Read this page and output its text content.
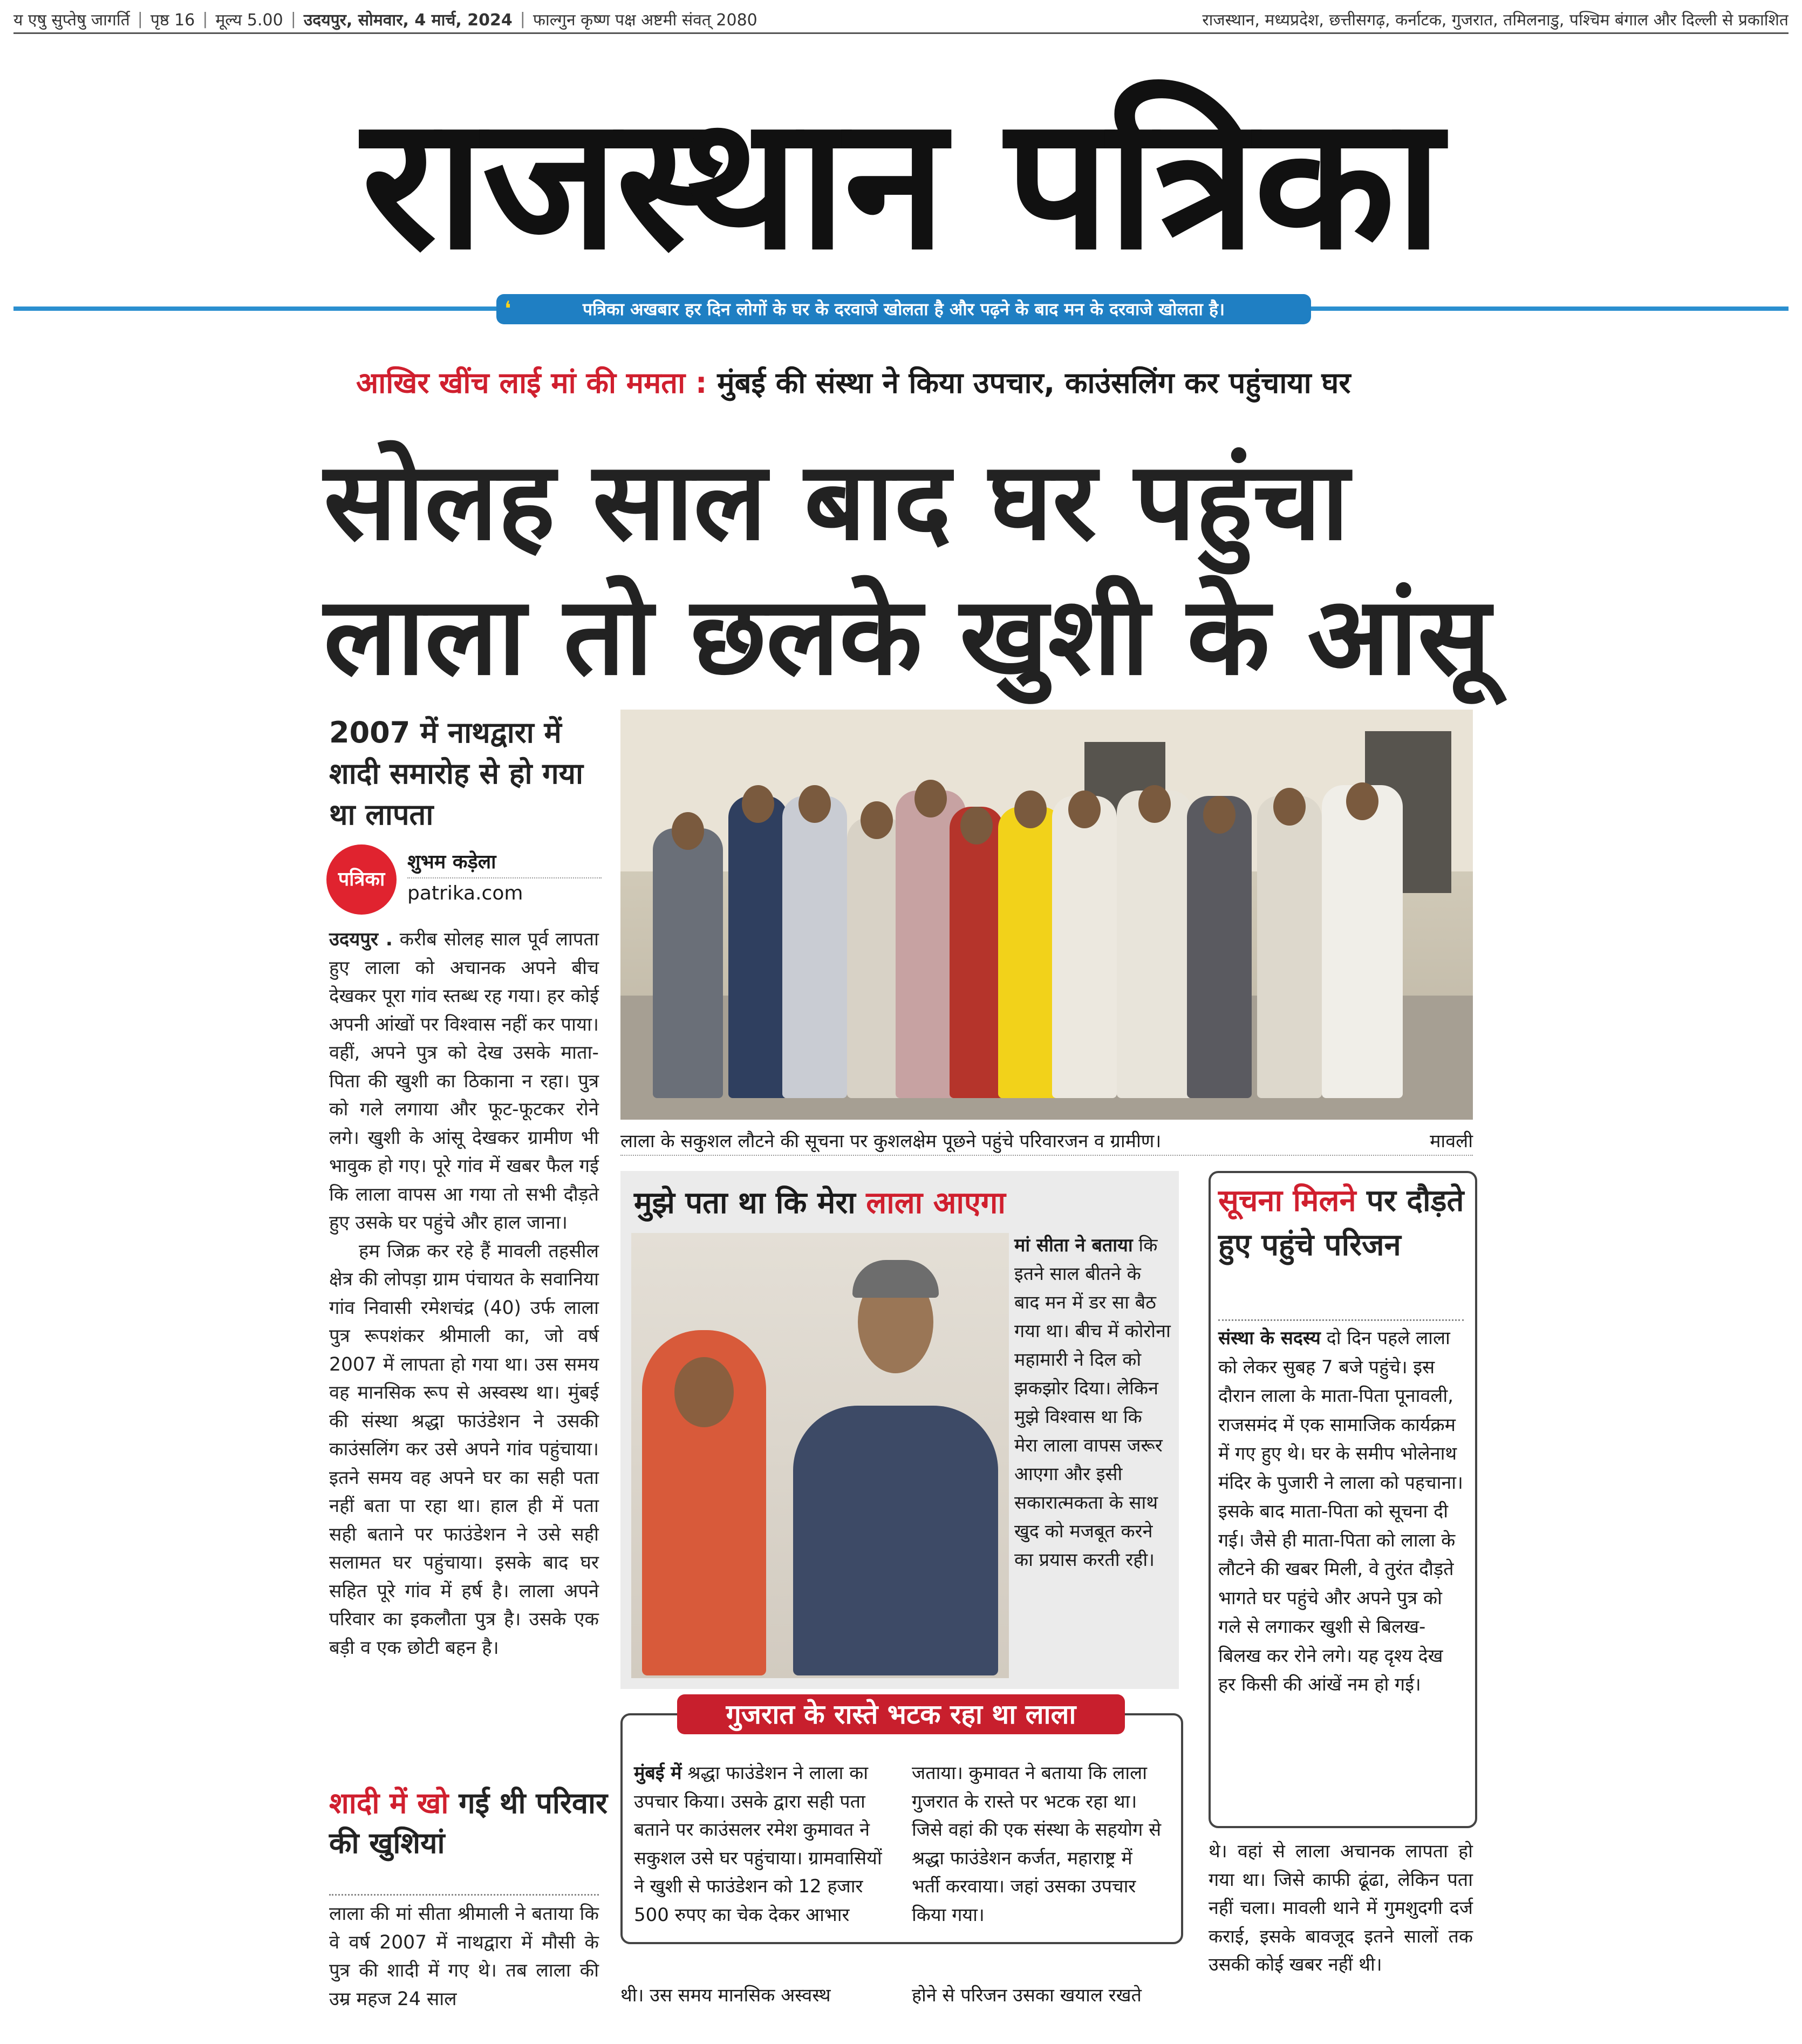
य एषु सुप्तेषु जागर्ति | पृष्ठ 16 | मूल्य 5.00 | उदयपुर, सोमवार, 4 मार्च, 2024 | फाल्गुन कृष्ण पक्ष अष्टमी संवत् 2080	राजस्थान, मध्यप्रदेश, छत्तीसगढ़, कर्नाटक, गुजरात, तमिलनाडु, पश्चिम बंगाल और दिल्ली से प्रकाशित
राजस्थान पत्रिका
पत्रिका अखबार हर दिन लोगों के घर के दरवाजे खोलता है और पढ़ने के बाद मन के दरवाजे खोलता है।
❛
आखिर खींच लाई मां की ममता : मुंबई की संस्था ने किया उपचार, काउंसलिंग कर पहुंचाया घर
सोलह साल बाद घर पहुंचा
लाला तो छलके खुशी के आंसू
2007 में नाथद्वारा में शादी समारोह से हो गया था लापता
पत्रिका
शुभम कड़ेला
patrika.com

उदयपुर . करीब सोलह साल पूर्व लापता हुए लाला को अचानक अपने बीच देखकर पूरा गांव स्तब्ध रह गया। हर कोई अपनी आंखों पर विश्वास नहीं कर पाया। वहीं, अपने पुत्र को देख उसके माता- पिता की खुशी का ठिकाना न रहा। पुत्र को गले लगाया और फूट-फूटकर रोने लगे। खुशी के आंसू देखकर ग्रामीण भी भावुक हो गए। पूरे गांव में खबर फैल गई कि लाला वापस आ गया तो सभी दौड़ते हुए उसके घर पहुंचे और हाल जाना।

हम जिक्र कर रहे हैं मावली तहसील क्षेत्र की लोपड़ा ग्राम पंचायत के सवानिया गांव निवासी रमेशचंद्र (40) उर्फ लाला पुत्र रूपशंकर श्रीमाली का, जो वर्ष 2007 में लापता हो गया था। उस समय वह मानसिक रूप से अस्वस्थ था। मुंबई की संस्था श्रद्धा फाउंडेशन ने उसकी काउंसलिंग कर उसे अपने गांव पहुंचाया। इतने समय वह अपने घर का सही पता नहीं बता पा रहा था। हाल ही में पता सही बताने पर फाउंडेशन ने उसे सही सलामत घर पहुंचाया। इसके बाद घर सहित पूरे गांव में हर्ष है। लाला अपने परिवार का इकलौता पुत्र है। उसके एक बड़ी व एक छोटी बहन है।

शादी में खो गई थी परिवार की खुशियां
लाला की मां सीता श्रीमाली ने बताया कि वे वर्ष 2007 में नाथद्वारा में मौसी के पुत्र की शादी में गए थे। तब लाला की उम्र महज 24 साल
लाला के सकुशल लौटने की सूचना पर कुशलक्षेम पूछने पहुंचे परिवारजन व ग्रामीण।	मावली
मुझे पता था कि मेरा लाला आएगा
मां सीता ने बताया कि इतने साल बीतने के बाद मन में डर सा बैठ गया था। बीच में कोरोना महामारी ने दिल को झकझोर दिया। लेकिन मुझे विश्वास था कि मेरा लाला वापस जरूर आएगा और इसी सकारात्मकता के साथ खुद को मजबूत करने का प्रयास करती रही।
सूचना मिलने पर दौड़ते हुए पहुंचे परिजन
संस्था के सदस्य दो दिन पहले लाला को लेकर सुबह 7 बजे पहुंचे। इस दौरान लाला के माता-पिता पूनावली, राजसमंद में एक सामाजिक कार्यक्रम में गए हुए थे। घर के समीप भोलेनाथ मंदिर के पुजारी ने लाला को पहचाना। इसके बाद माता-पिता को सूचना दी गई। जैसे ही माता-पिता को लाला के लौटने की खबर मिली, वे तुरंत दौड़ते भागते घर पहुंचे और अपने पुत्र को गले से लगाकर खुशी से बिलख-बिलख कर रोने लगे। यह दृश्य देख हर किसी की आंखें नम हो गई।
थे। वहां से लाला अचानक लापता हो गया था। जिसे काफी ढूंढा, लेकिन पता नहीं चला। मावली थाने में गुमशुदगी दर्ज कराई, इसके बावजूद इतने सालों तक उसकी कोई खबर नहीं थी।
गुजरात के रास्ते भटक रहा था लाला
मुंबई में श्रद्धा फाउंडेशन ने लाला का उपचार किया। उसके द्वारा सही पता बताने पर काउंसलर रमेश कुमावत ने सकुशल उसे घर पहुंचाया। ग्रामवासियों ने खुशी से फाउंडेशन को 12 हजार 500 रुपए का चेक देकर आभार
जताया। कुमावत ने बताया कि लाला गुजरात के रास्ते पर भटक रहा था। जिसे वहां की एक संस्था के सहयोग से श्रद्धा फाउंडेशन कर्जत, महाराष्ट्र में भर्ती करवाया। जहां उसका उपचार किया गया।
थी। उस समय मानसिक अस्वस्थ	होने से परिजन उसका खयाल रखते
